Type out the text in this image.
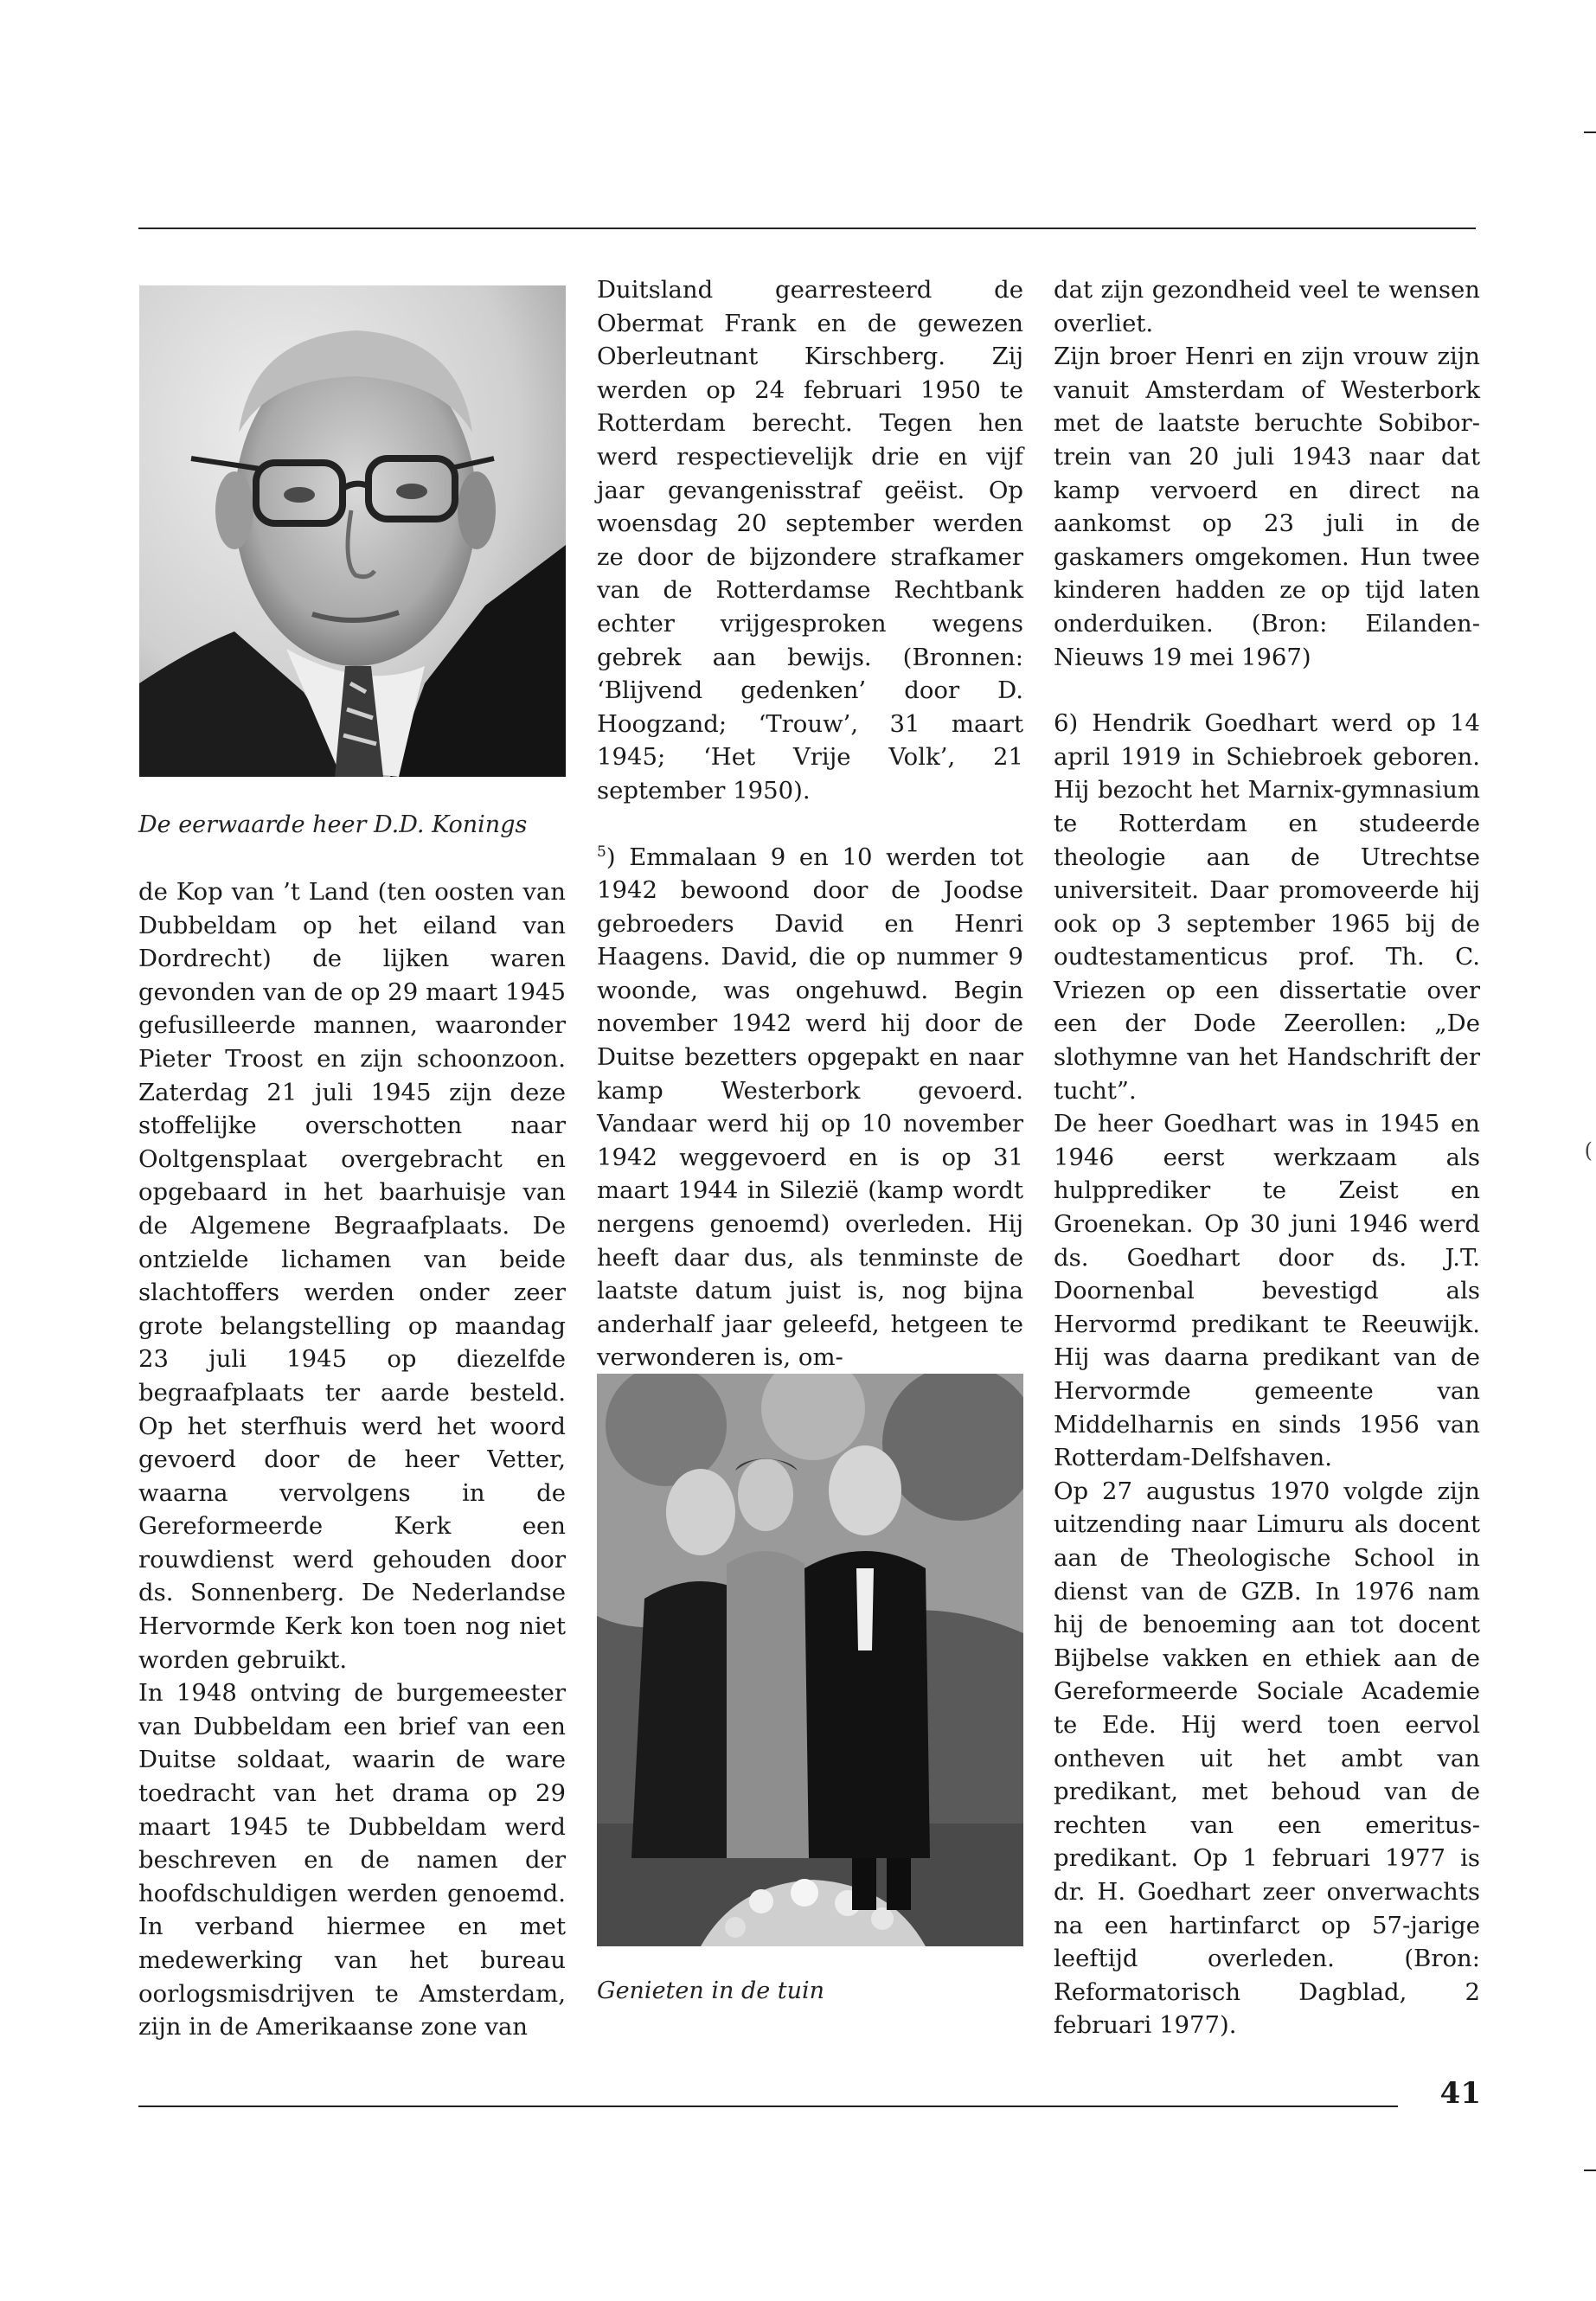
(
De eerwaarde heer D.D. Konings
Genieten in de tuin

de Kop van ’t Land (ten oosten van Dubbeldam op het eiland van Dordrecht) de lijken waren gevonden van de op 29 maart 1945 gefusilleerde mannen, waaronder Pieter Troost en zijn schoonzoon. Zaterdag 21 juli 1945 zijn deze stoffelijke overschotten naar Ooltgensplaat overgebracht en opgebaard in het baarhuisje van de Algemene Begraafplaats. De ontzielde lichamen van beide slachtoffers werden onder zeer grote belangstelling op maandag 23 juli 1945 op diezelfde begraafplaats ter aarde besteld. Op het sterfhuis werd het woord gevoerd door de heer Vetter, waarna vervolgens in de Gereformeerde Kerk een rouwdienst werd gehouden door ds. Sonnenberg. De Nederlandse Hervormde Kerk kon toen nog niet worden gebruikt.

In 1948 ontving de burgemeester van Dubbeldam een brief van een Duitse soldaat, waarin de ware toedracht van het drama op 29 maart 1945 te Dubbeldam werd beschreven en de namen der hoofdschuldigen werden genoemd. In verband hiermee en met medewerking van het bureau oorlogsmisdrijven te Amsterdam, zijn in de Amerikaanse zone van

Duitsland gearresteerd de Obermat Frank en de gewezen Oberleutnant Kirschberg. Zij werden op 24 februari 1950 te Rotterdam berecht. Tegen hen werd respectievelijk drie en vijf jaar gevangenisstraf geëist. Op woensdag 20 september werden ze door de bijzondere strafkamer van de Rotterdamse Rechtbank echter vrijgesproken wegens gebrek aan bewijs. (Bronnen: ‘Blijvend gedenken’ door D. Hoogzand; ‘Trouw’, 31 maart 1945; ‘Het Vrije Volk’, 21 september 1950).

$^5$) Emmalaan 9 en 10 werden tot 1942 bewoond door de Joodse gebroeders David en Henri Haagens. David, die op nummer 9 woonde, was ongehuwd. Begin november 1942 werd hij door de Duitse bezetters opgepakt en naar kamp Westerbork gevoerd. Vandaar werd hij op 10 november 1942 weggevoerd en is op 31 maart 1944 in Silezië (kamp wordt nergens genoemd) overleden. Hij heeft daar dus, als tenminste de laatste datum juist is, nog bijna anderhalf jaar geleefd, hetgeen te verwonderen is, om-

dat zijn gezondheid veel te wensen overliet.

Zijn broer Henri en zijn vrouw zijn vanuit Amsterdam of Westerbork met de laatste beruchte Sobibor-trein van 20 juli 1943 naar dat kamp vervoerd en direct na aankomst op 23 juli in de gaskamers omgekomen. Hun twee kinderen hadden ze op tijd laten onderduiken. (Bron: Eilanden-Nieuws 19 mei 1967)

6) Hendrik Goedhart werd op 14 april 1919 in Schiebroek geboren. Hij bezocht het Marnix-gymnasium te Rotterdam en studeerde theologie aan de Utrechtse universiteit. Daar promoveerde hij ook op 3 september 1965 bij de oudtestamenticus prof. Th. C. Vriezen op een dissertatie over een der Dode Zeerollen: „De slothymne van het Handschrift der tucht”.

De heer Goedhart was in 1945 en 1946 eerst werkzaam als hulpprediker te Zeist en Groenekan. Op 30 juni 1946 werd ds. Goedhart door ds. J.T. Doornenbal bevestigd als Hervormd predikant te Reeuwijk. Hij was daarna predikant van de Hervormde gemeente van Middelharnis en sinds 1956 van Rotterdam-Delfshaven.

Op 27 augustus 1970 volgde zijn uitzending naar Limuru als docent aan de Theologische School in dienst van de GZB. In 1976 nam hij de benoeming aan tot docent Bijbelse vakken en ethiek aan de Gereformeerde Sociale Academie te Ede. Hij werd toen eervol ontheven uit het ambt van predikant, met behoud van de rechten van een emeritus-predikant. Op 1 februari 1977 is dr. H. Goedhart zeer onverwachts na een hartinfarct op 57-jarige leeftijd overleden. (Bron: Reformatorisch Dagblad, 2 februari 1977).

41
